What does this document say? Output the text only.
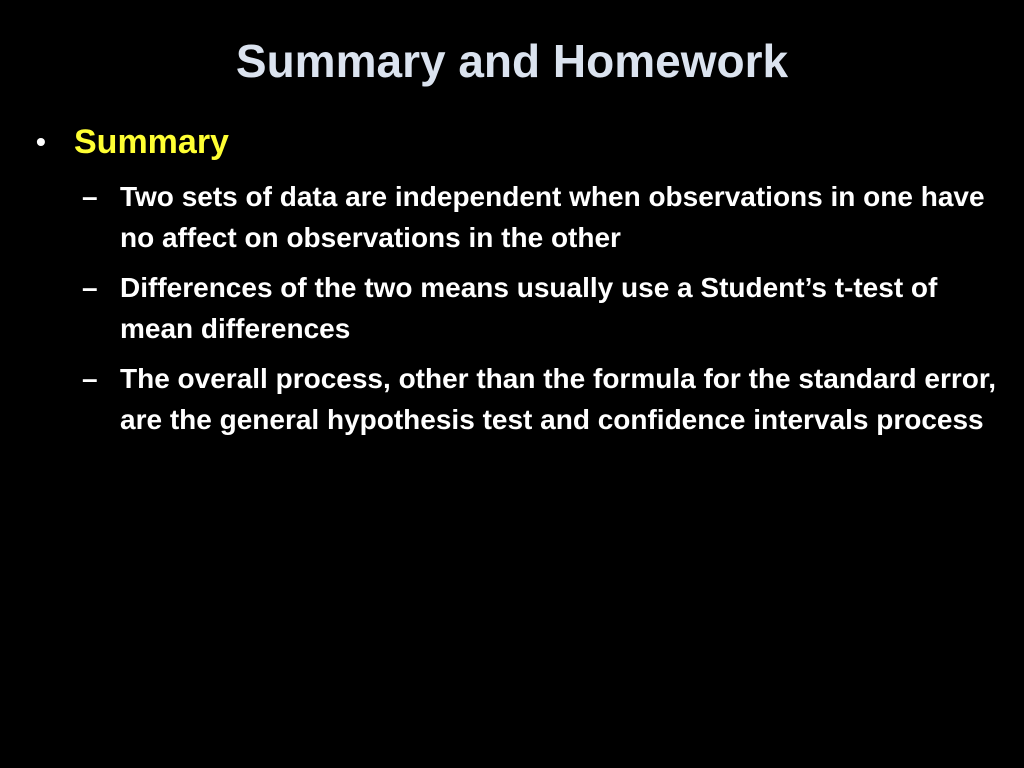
Summary and Homework
• Summary
– Two sets of data are independent when observations in one have no affect on observations in the other
– Differences of the two means usually use a Student’s t-test of mean differences
– The overall process, other than the formula for the standard error, are the general hypothesis test and confidence intervals process
